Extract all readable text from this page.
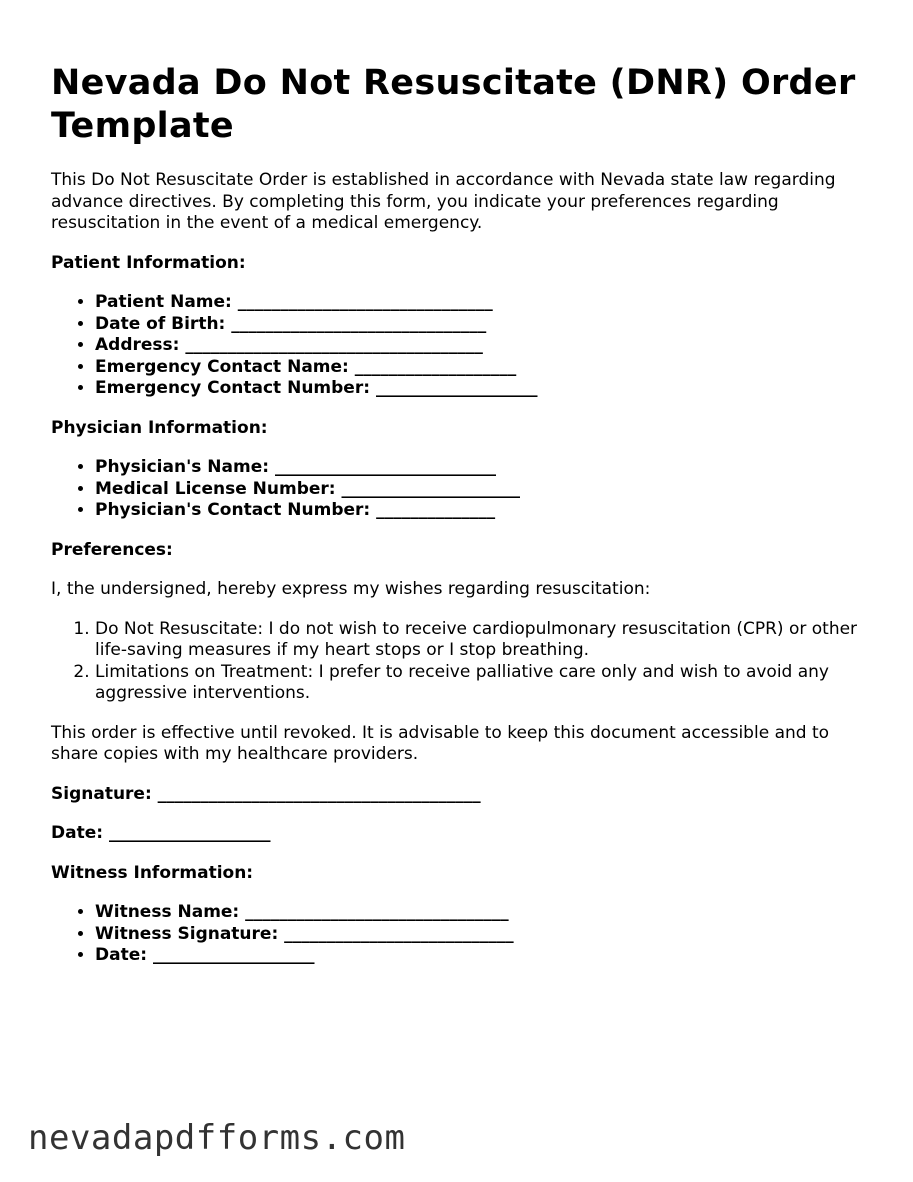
Nevada Do Not Resuscitate (DNR) Order Template

This Do Not Resuscitate Order is established in accordance with Nevada state law regarding advance directives. By completing this form, you indicate your preferences regarding resuscitation in the event of a medical emergency.

Patient Information:
• Patient Name: ______________________________
• Date of Birth: ______________________________
• Address: ___________________________________
• Emergency Contact Name: ___________________
• Emergency Contact Number: ___________________
Physician Information:
• Physician's Name: __________________________
• Medical License Number: _____________________
• Physician's Contact Number: ______________
Preferences:

I, the undersigned, hereby express my wishes regarding resuscitation:

1. Do Not Resuscitate: I do not wish to receive cardiopulmonary resuscitation (CPR) or other life-saving measures if my heart stops or I stop breathing.
2. Limitations on Treatment: I prefer to receive palliative care only and wish to avoid any aggressive interventions.

This order is effective until revoked. It is advisable to keep this document accessible and to share copies with my healthcare providers.

Signature: ______________________________________
Date: ___________________
Witness Information:
• Witness Name: _______________________________
• Witness Signature: ___________________________
• Date: ___________________
nevadapdfforms.com
